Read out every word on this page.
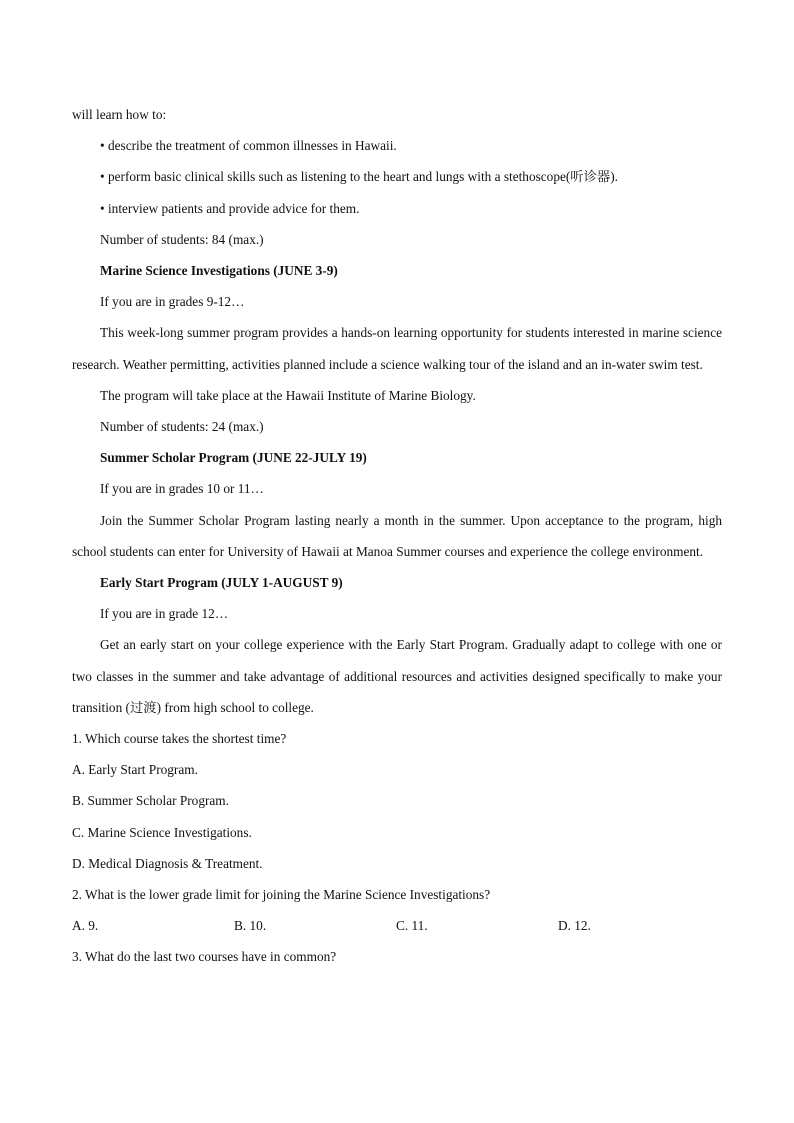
will learn how to:
• describe the treatment of common illnesses in Hawaii.
• perform basic clinical skills such as listening to the heart and lungs with a stethoscope(听诊器).
• interview patients and provide advice for them.
Number of students: 84 (max.)
Marine Science Investigations (JUNE 3-9)
If you are in grades 9-12…

This week-long summer program provides a hands-on learning opportunity for students interested in marine science research. Weather permitting, activities planned include a science walking tour of the island and an in-water swim test.

The program will take place at the Hawaii Institute of Marine Biology.
Number of students: 24 (max.)
Summer Scholar Program (JUNE 22-JULY 19)
If you are in grades 10 or 11…

Join the Summer Scholar Program lasting nearly a month in the summer. Upon acceptance to the program, high school students can enter for University of Hawaii at Manoa Summer courses and experience the college environment.

Early Start Program (JULY 1-AUGUST 9)
If you are in grade 12…

Get an early start on your college experience with the Early Start Program. Gradually adapt to college with one or two classes in the summer and take advantage of additional resources and activities designed specifically to make your transition (过渡) from high school to college.

1. Which course takes the shortest time?
A. Early Start Program.
B. Summer Scholar Program.
C. Marine Science Investigations.
D. Medical Diagnosis & Treatment.
2. What is the lower grade limit for joining the Marine Science Investigations?
A. 9.	B. 10.	C. 11.	D. 12.
3. What do the last two courses have in common?
